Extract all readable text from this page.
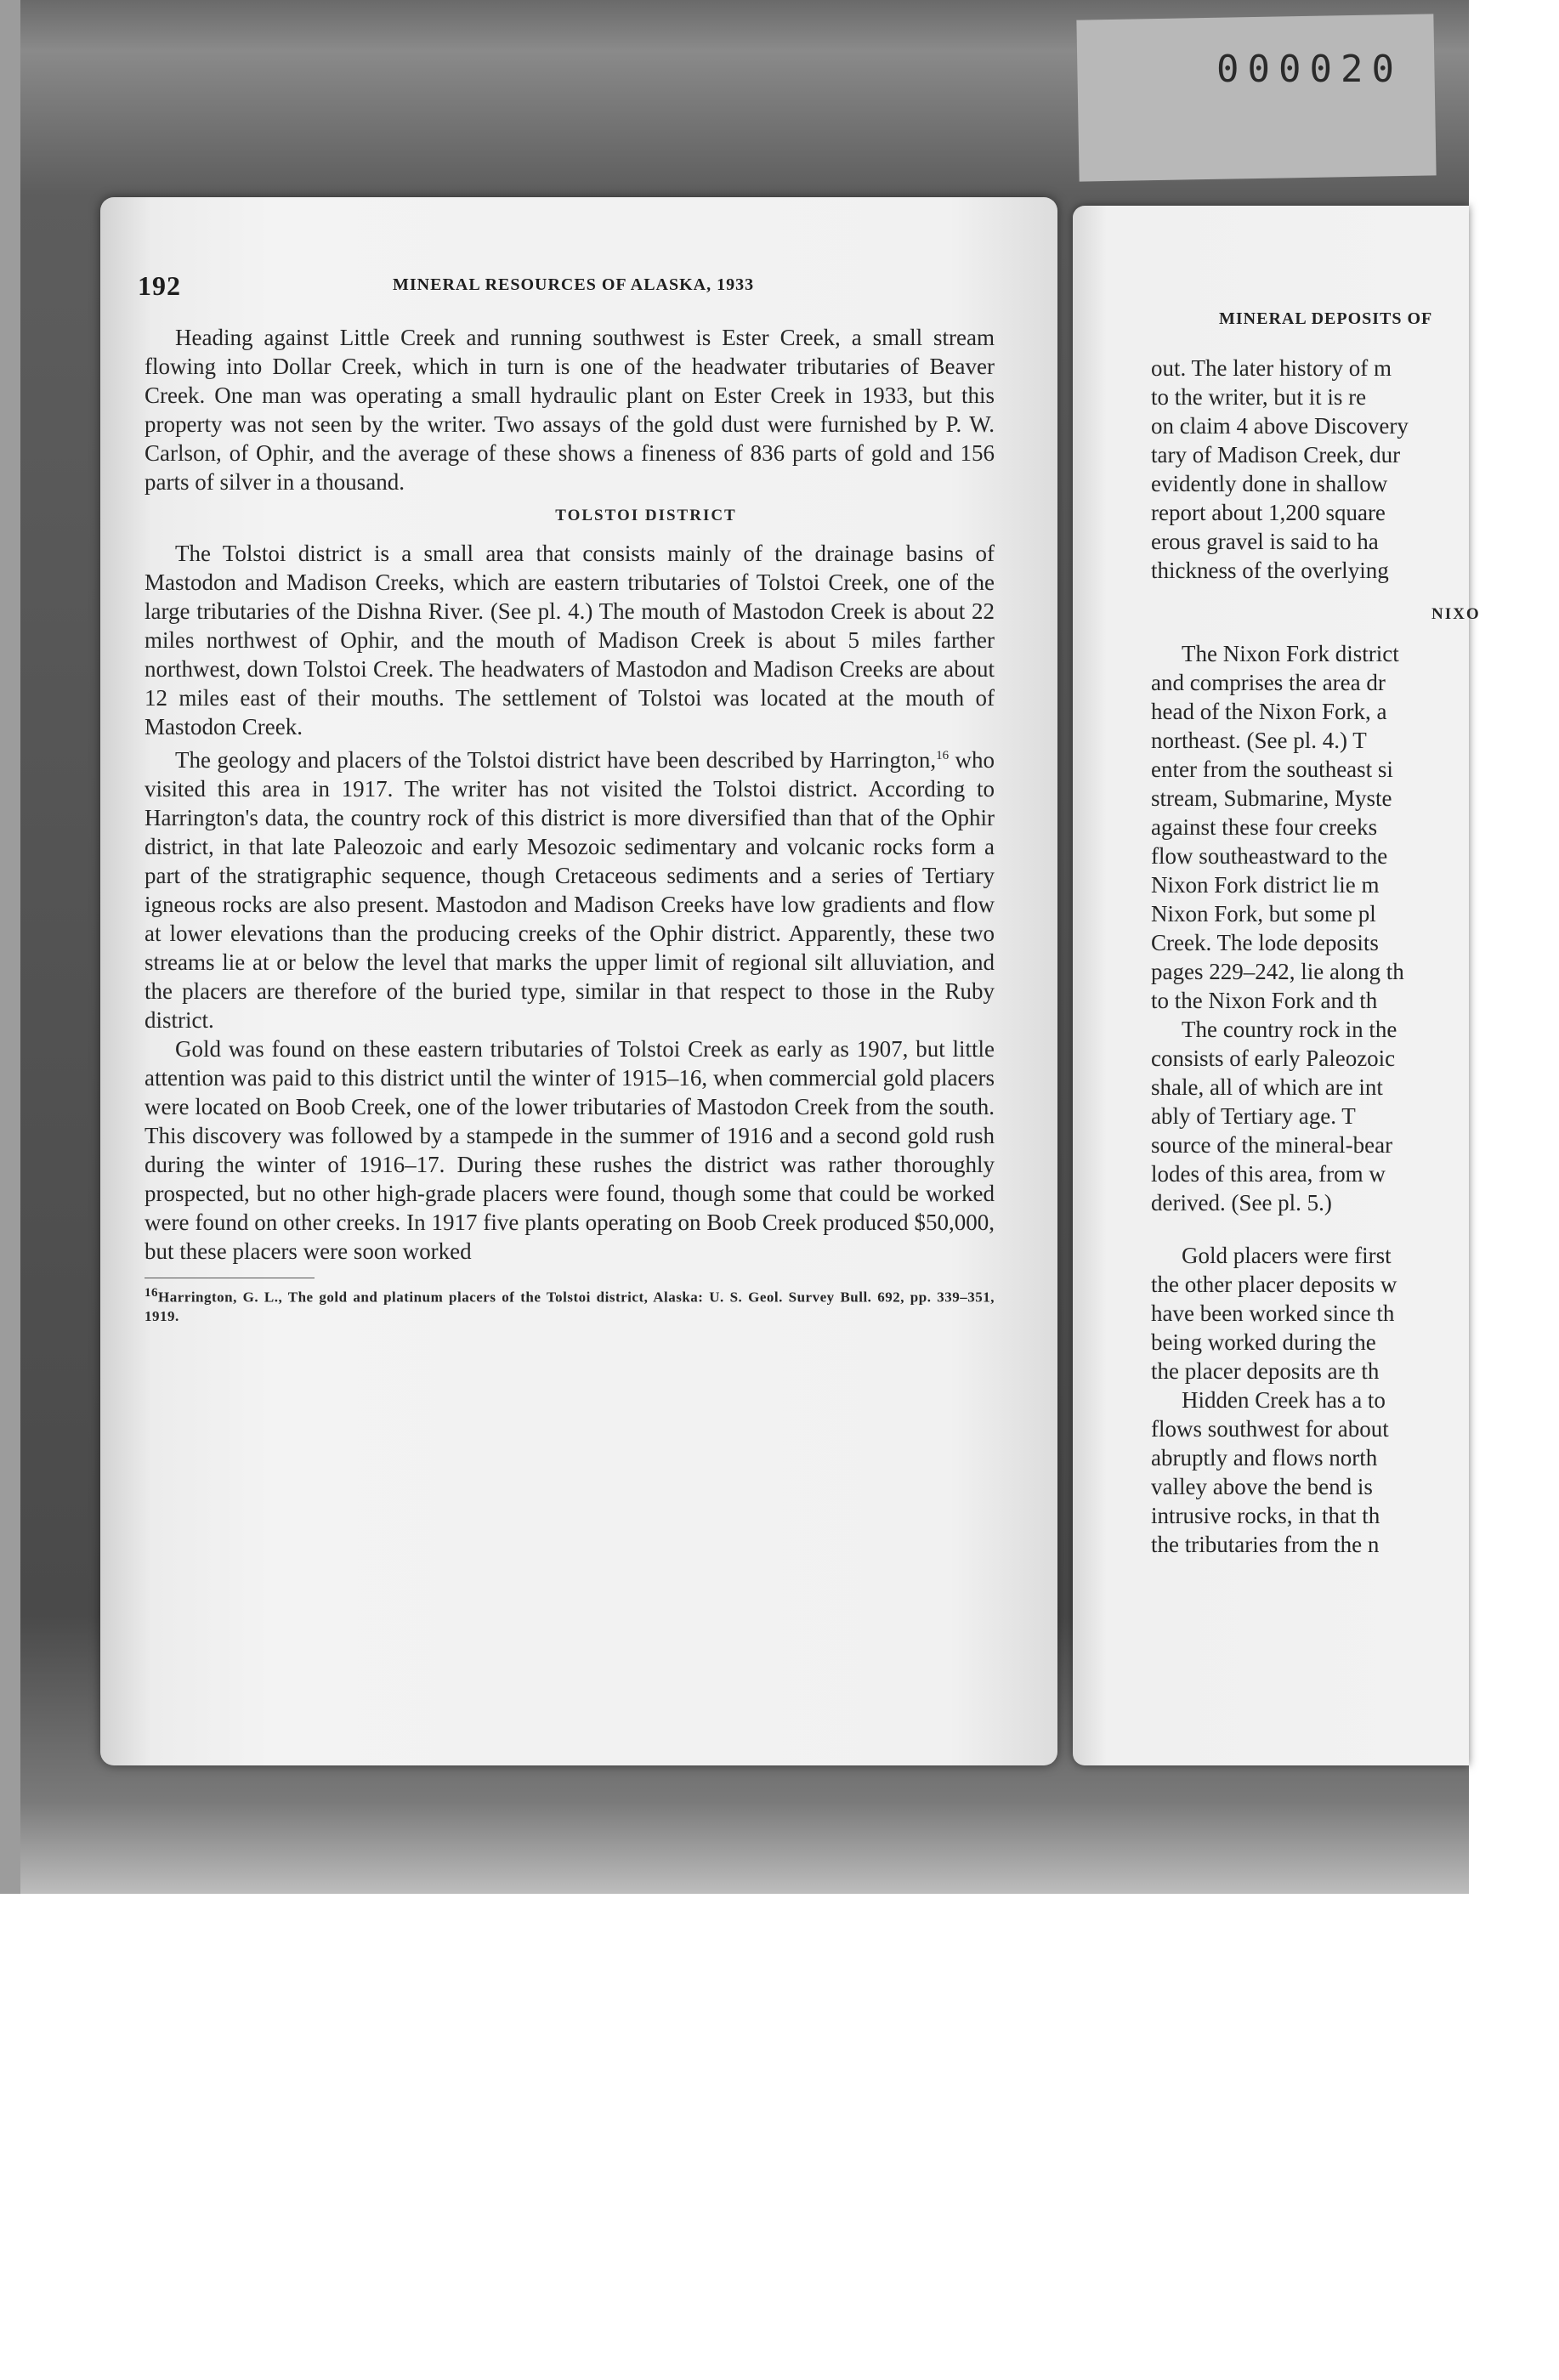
000020
192	MINERAL RESOURCES OF ALASKA, 1933

Heading against Little Creek and running southwest is Ester Creek, a small stream flowing into Dollar Creek, which in turn is one of the headwater tributaries of Beaver Creek. One man was operating a small hydraulic plant on Ester Creek in 1933, but this property was not seen by the writer. Two assays of the gold dust were furnished by P. W. Carlson, of Ophir, and the average of these shows a fineness of 836 parts of gold and 156 parts of silver in a thousand.

TOLSTOI DISTRICT

The Tolstoi district is a small area that consists mainly of the drainage basins of Mastodon and Madison Creeks, which are eastern tributaries of Tolstoi Creek, one of the large tributaries of the Dishna River. (See pl. 4.) The mouth of Mastodon Creek is about 22 miles northwest of Ophir, and the mouth of Madison Creek is about 5 miles farther northwest, down Tolstoi Creek. The headwaters of Mastodon and Madison Creeks are about 12 miles east of their mouths. The settlement of Tolstoi was located at the mouth of Mastodon Creek.

The geology and placers of the Tolstoi district have been described by Harrington,$^{16}$ who visited this area in 1917. The writer has not visited the Tolstoi district. According to Harrington's data, the country rock of this district is more diversified than that of the Ophir district, in that late Paleozoic and early Mesozoic sedimentary and volcanic rocks form a part of the stratigraphic sequence, though Cretaceous sediments and a series of Tertiary igneous rocks are also present. Mastodon and Madison Creeks have low gradients and flow at lower elevations than the producing creeks of the Ophir district. Apparently, these two streams lie at or below the level that marks the upper limit of regional silt alluviation, and the placers are therefore of the buried type, similar in that respect to those in the Ruby district.

Gold was found on these eastern tributaries of Tolstoi Creek as early as 1907, but little attention was paid to this district until the winter of 1915–16, when commercial gold placers were located on Boob Creek, one of the lower tributaries of Mastodon Creek from the south. This discovery was followed by a stampede in the summer of 1916 and a second gold rush during the winter of 1916–17. During these rushes the district was rather thoroughly prospected, but no other high-grade placers were found, though some that could be worked were found on other creeks. In 1917 five plants operating on Boob Creek produced $50,000, but these placers were soon worked

$^{16}$Harrington, G. L., The gold and platinum placers of the Tolstoi district, Alaska: U. S. Geol. Survey Bull. 692, pp. 339–351, 1919.
MINERAL DEPOSITS OF
out. The later history of m
to the writer, but it is re
on claim 4 above Discovery
tary of Madison Creek, dur
evidently done in shallow
report about 1,200 square
erous gravel is said to ha
thickness of the overlying
NIXO
The Nixon Fork district
and comprises the area dr
head of the Nixon Fork, a
northeast. (See pl. 4.) T
enter from the southeast si
stream, Submarine, Myste
against these four creeks
flow southeastward to the
Nixon Fork district lie m
Nixon Fork, but some pl
Creek. The lode deposits
pages 229–242, lie along th
to the Nixon Fork and th
The country rock in the
consists of early Paleozoic
shale, all of which are int
ably of Tertiary age. T
source of the mineral-bear
lodes of this area, from w
derived. (See pl. 5.)
Gold placers were first
the other placer deposits w
have been worked since th
being worked during the
the placer deposits are th
Hidden Creek has a to
flows southwest for about
abruptly and flows north
valley above the bend is
intrusive rocks, in that th
the tributaries from the n
